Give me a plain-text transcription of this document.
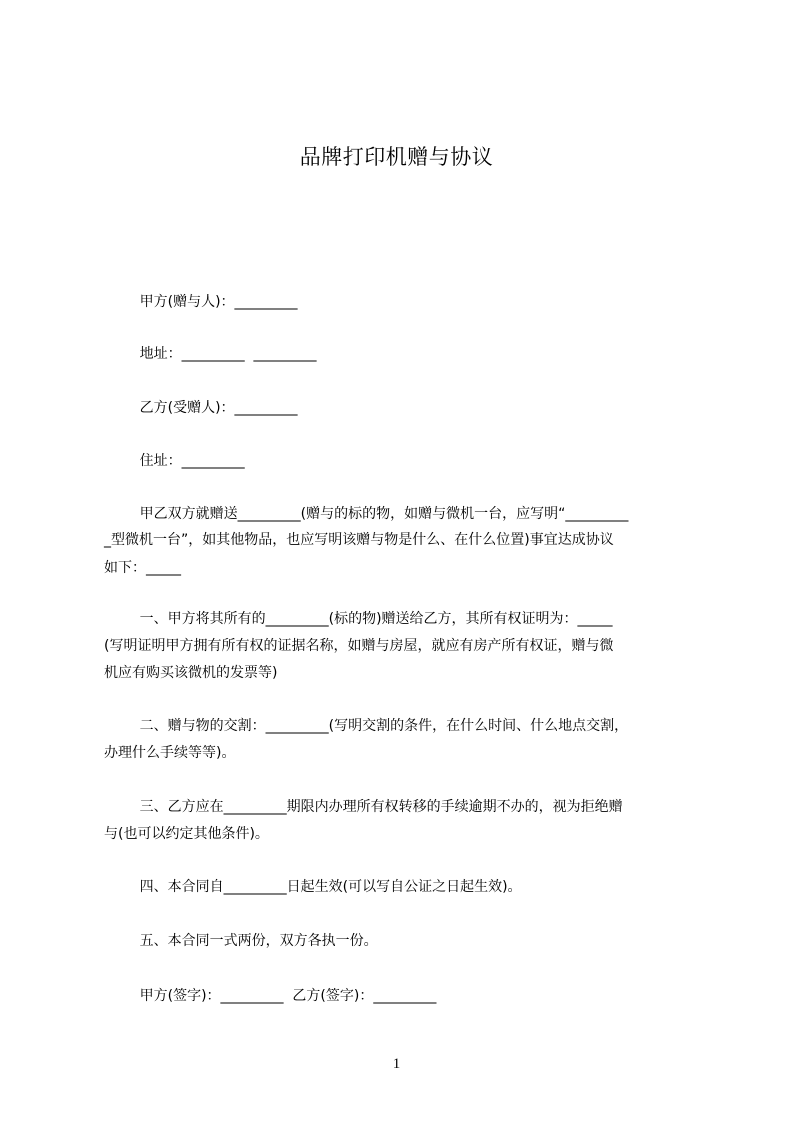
品牌打印机赠与协议
甲方(赠与人)：_________
地址：_________  _________
乙方(受赠人)：_________
住址：_________
甲乙双方就赠送_________(赠与的标的物，如赠与微机一台，应写明“_________
_型微机一台”，如其他物品，也应写明该赠与物是什么、在什么位置)事宜达成协议
如下：_____
一、甲方将其所有的_________(标的物)赠送给乙方，其所有权证明为：_____
(写明证明甲方拥有所有权的证据名称，如赠与房屋，就应有房产所有权证，赠与微
机应有购买该微机的发票等)
二、赠与物的交割：_________(写明交割的条件，在什么时间、什么地点交割，
办理什么手续等等)。
三、乙方应在_________期限内办理所有权转移的手续逾期不办的，视为拒绝赠
与(也可以约定其他条件)。
四、本合同自_________日起生效(可以写自公证之日起生效)。
五、本合同一式两份，双方各执一份。
甲方(签字)：_________  乙方(签字)：_________
1
